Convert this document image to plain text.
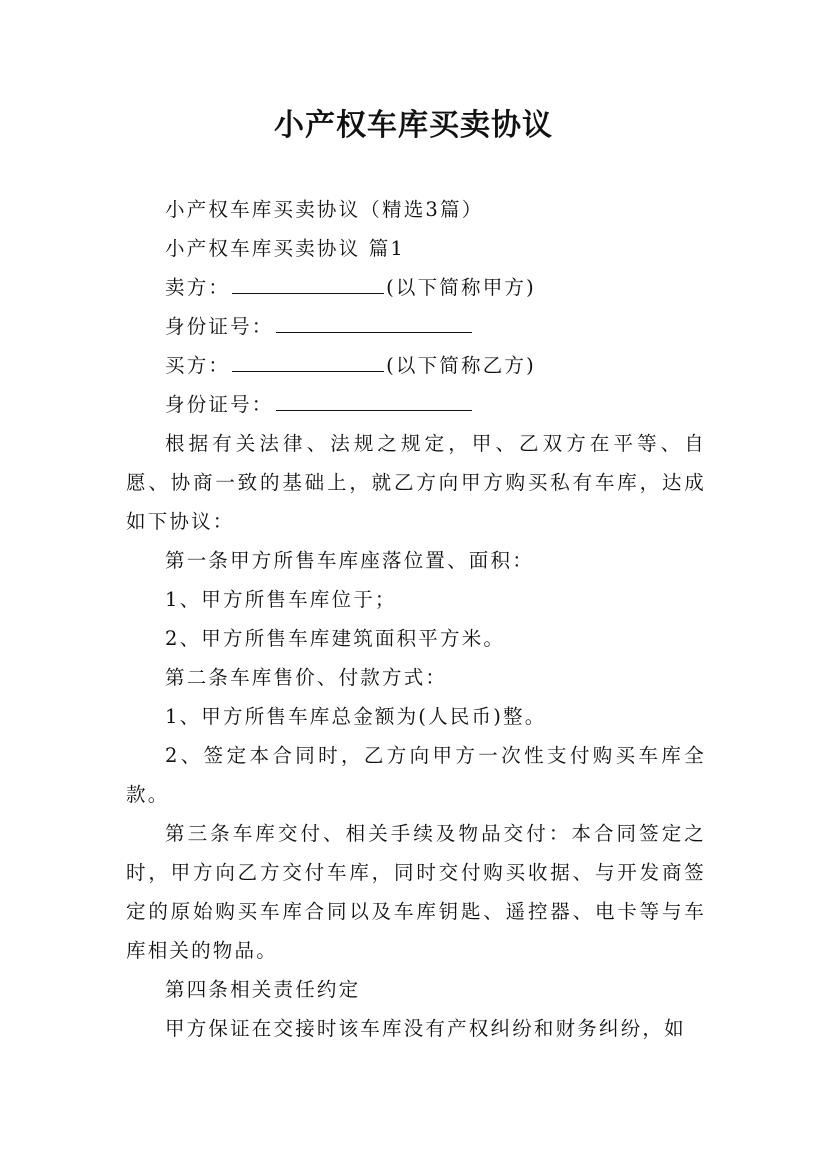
小产权车库买卖协议

小产权车库买卖协议（精选3篇）

小产权车库买卖协议 篇1

卖方：	(以下简称甲方)

身份证号：

买方：	(以下简称乙方)

身份证号：

根据有关法律、法规之规定，甲、乙双方在平等、自愿、协商一致的基础上，就乙方向甲方购买私有车库，达成如下协议：

第一条甲方所售车库座落位置、面积：

1、甲方所售车库位于；

2、甲方所售车库建筑面积平方米。

第二条车库售价、付款方式：

1、甲方所售车库总金额为(人民币)整。

2、签定本合同时，乙方向甲方一次性支付购买车库全款。

第三条车库交付、相关手续及物品交付：本合同签定之时，甲方向乙方交付车库，同时交付购买收据、与开发商签定的原始购买车库合同以及车库钥匙、遥控器、电卡等与车库相关的物品。

第四条相关责任约定

甲方保证在交接时该车库没有产权纠纷和财务纠纷，如
